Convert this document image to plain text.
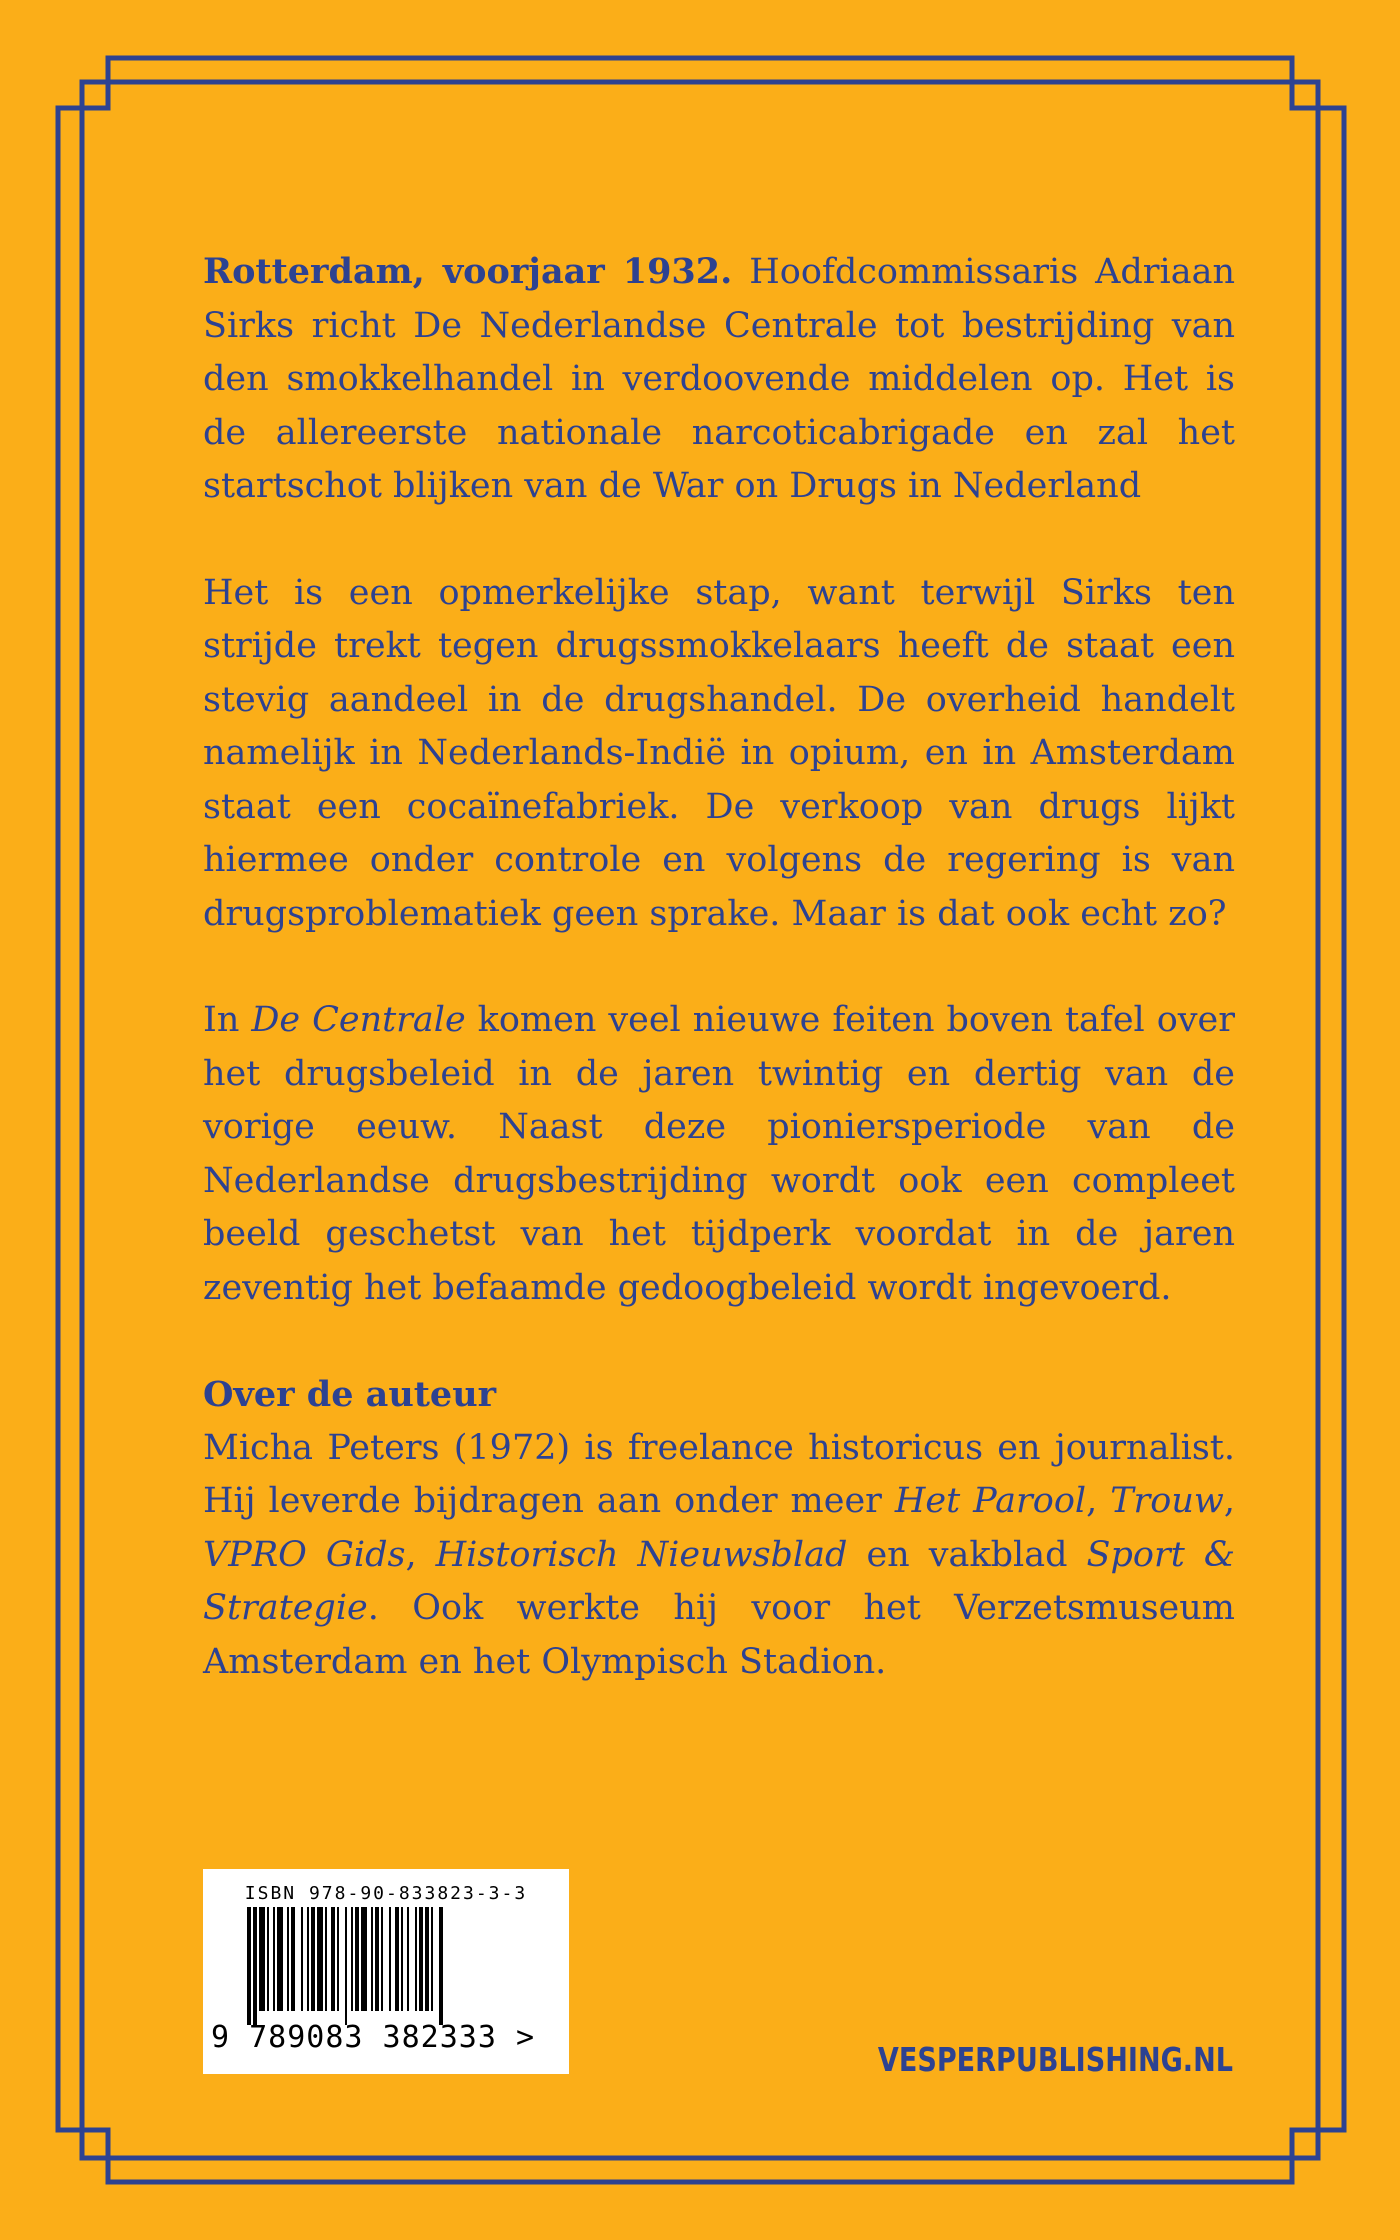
Rotterdam, voorjaar 1932. Hoofdcommissaris Adriaan Sirks richt De Nederlandse Centrale tot bestrijding van den smokkelhandel in verdoovende middelen op. Het is de allereerste nationale narcoticabrigade en zal het startschot blijken van de War on Drugs in Nederland

Het is een opmerkelijke stap, want terwijl Sirks ten strijde trekt tegen drugssmokkelaars heeft de staat een stevig aandeel in de drugshandel. De overheid handelt namelijk in Nederlands-Indië in opium, en in Amsterdam staat een cocaïnefabriek. De verkoop van drugs lijkt hiermee onder controle en volgens de regering is van drugsproblematiek geen sprake. Maar is dat ook echt zo?

In De Centrale komen veel nieuwe feiten boven tafel over het drugsbeleid in de jaren twintig en dertig van de vorige eeuw. Naast deze pioniersperiode van de Nederlandse drugsbestrijding wordt ook een compleet beeld geschetst van het tijdperk voordat in de jaren zeventig het befaamde gedoogbeleid wordt ingevoerd.

Over de auteur

Micha Peters (1972) is freelance historicus en journalist. Hij leverde bijdragen aan onder meer Het Parool, Trouw, VPRO Gids, Historisch Nieuwsblad en vakblad Sport & Strategie. Ook werkte hij voor het Verzetsmuseum Amsterdam en het Olympisch Stadion.

ISBN 978-90-833823-3-3
9 789083 382333 >
VESPERPUBLISHING.NL
